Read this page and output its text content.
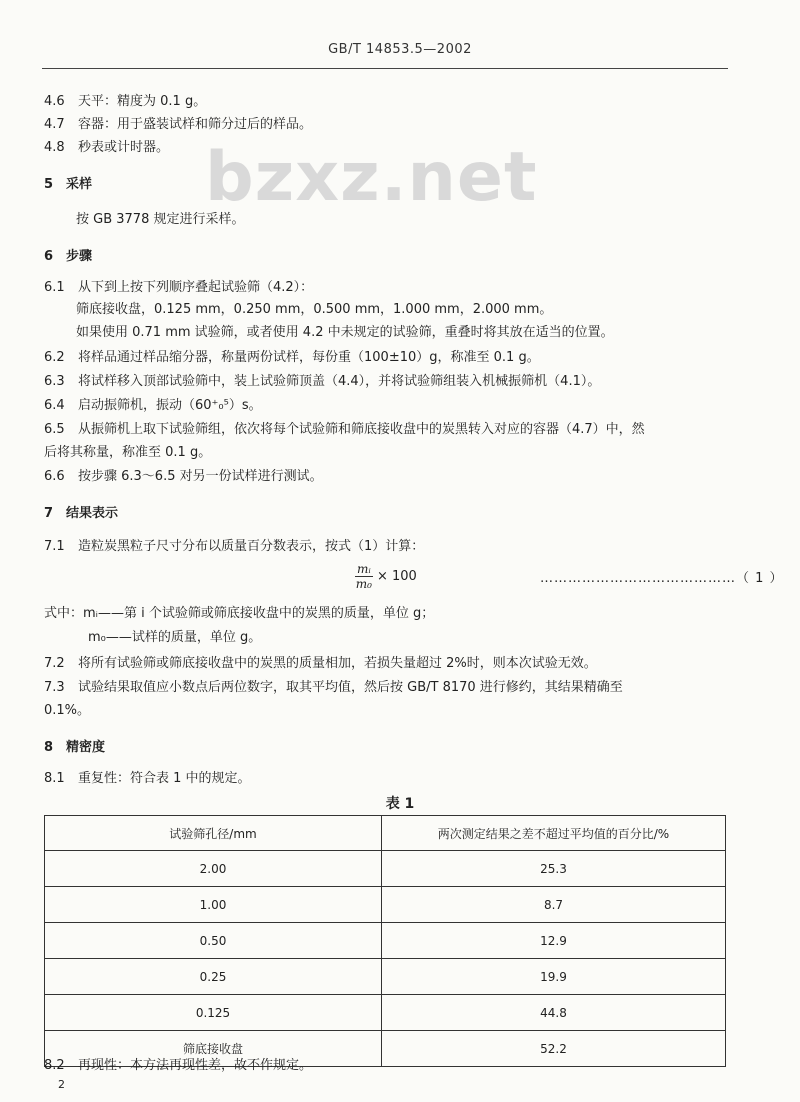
GB/T 14853.5—2002
bzxz.net
4.6 天平：精度为 0.1 g。
4.7 容器：用于盛装试样和筛分过后的样品。
4.8 秒表或计时器。
5 采样
按 GB 3778 规定进行采样。
6 步骤
6.1 从下到上按下列顺序叠起试验筛（4.2）：
筛底接收盘，0.125 mm，0.250 mm，0.500 mm，1.000 mm，2.000 mm。
如果使用 0.71 mm 试验筛，或者使用 4.2 中未规定的试验筛，重叠时将其放在适当的位置。
6.2 将样品通过样品缩分器，称量两份试样，每份重（100±10）g，称准至 0.1 g。
6.3 将试样移入顶部试验筛中，装上试验筛顶盖（4.4），并将试验筛组装入机械振筛机（4.1）。
6.4 启动振筛机，振动（60⁺₀⁵）s。
6.5 从振筛机上取下试验筛组，依次将每个试验筛和筛底接收盘中的炭黑转入对应的容器（4.7）中，然
后将其称量，称准至 0.1 g。
6.6 按步骤 6.3～6.5 对另一份试样进行测试。
7 结果表示
7.1 造粒炭黑粒子尺寸分布以质量百分数表示，按式（1）计算：
$\frac{\text{mᵢ}}{\text{m₀}} \times 100$	……………………………………（ 1 ）
式中：mᵢ——第 i 个试验筛或筛底接收盘中的炭黑的质量，单位 g；
m₀——试样的质量，单位 g。
7.2 将所有试验筛或筛底接收盘中的炭黑的质量相加，若损失量超过 2%时，则本次试验无效。
7.3 试验结果取值应小数点后两位数字，取其平均值，然后按 GB/T 8170 进行修约，其结果精确至
0.1%。
8 精密度
8.1 重复性：符合表 1 中的规定。
表 1
试验筛孔径/mm	两次测定结果之差不超过平均值的百分比/%
2.00	25.3
1.00	8.7
0.50	12.9
0.25	19.9
0.125	44.8
筛底接收盘	52.2
8.2 再现性：本方法再现性差，故不作规定。
2
